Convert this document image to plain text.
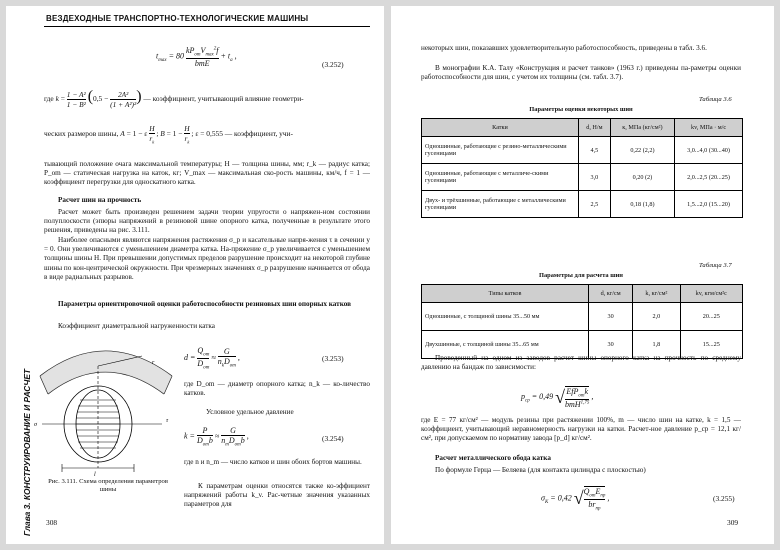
ВЕЗДЕХОДНЫЕ ТРАНСПОРТНО-ТЕХНОЛОГИЧЕСКИЕ МАШИНЫ
$t_{max} = 80$
$kP_{om}V_{max}^2f$
bmE
+ $t_a$ ,
(3.252)
где $k = \frac{\text{1 − A²}}{\text{1 − B²}} (0,5 - \frac{\text{2A²}}{\text{(1 + A²)²}}$ ) — коэффициент, учитывающий влияние геометри-
ческих размеров шины, A = 1 − ε $\frac{H}{r_k}$ ; $B = 1 - \frac{H}{r_k}$ ; ε = 0,555 — коэффициент, учи-
тывающий положение очага максимальной температуры; H — толщина шины, мм; r_k — радиус катка; P_om — статическая нагрузка на каток, кг; V_max — максимальная ско-рость машины, км/ч, f = 1 — коэффициент перегрузки для односкатного катка.
Расчет шин на прочность
Расчет может быть произведен решением задачи теории упругости о напряжен-ном состоянии полуплоскости (эпюры напряжений в резиновой шине опорного катка, полученные в результате этого решения, приведены на рис. 3.111.
Наиболее опасными являются напряжения растяжения σ_p и касательные напря-жения τ в сечении y = 0. Они увеличиваются с уменьшением диаметра катка. На-пряжение σ_p увеличивается с уменьшением толщины шины H. При превышении допустимых пределов разрушение происходит на некоторой глубине шины по кон-центрической окружности. При чрезмерных значениях σ_p разрушение начинается от обода в виде радиальных разрывов.
Параметры ориентировочной оценки работоспособности резиновых шин опорных катков
Коэффициент диаметральной нагруженности катка
r
σ
τ
l
Рис. 3.111. Схема определения параметров шины
d =
$Q_{om}$
$D_{om}$
≈
G
$n_kD_{om}$
,	(3.253)
где D_om — диаметр опорного катка; n_k — ко-личество катков.
Условное удельное давление
k =
P
$D_{om}b$ ≈
G
$n_mD_{om}b$ ,	(3.254)
где n и n_m — число катков и шин обоих бортов машины.
К параметрам оценки относятся также ко-эффициент напряжений работы k_v. Рас-четные значения указанных параметров для
Глава 3. КОНСТРУИРОВАНИЕ И РАСЧЕТ 308
некоторых шин, показавших удовлетворительную работоспособность, приведены в табл. 3.6.
В монографии К.А. Талу «Конструкция и расчет танков» (1963 г.) приведены па-раметры оценки работоспособности для шин, с учетом их толщины (см. табл. 3.7).
Таблица 3.6
Параметры оценки некоторых шин
Катки	d, Н/м	к, МПа (кг/см²)	kv, МПа · м/с
Одношинные, работающие с резино-металлическими гусеницами	4,5	0,22 (2,2)	3,0...4,0 (30...40)
Одношинные, работающие с металличе-скими гусеницами	3,0	0,20 (2)	2,0...2,5 (20...25)
Двух- и трёхшинные, работающие с металлическими гусеницами	2,5	0,18 (1,8)	1,5...2,0 (15...20)
Таблица 3.7
Параметры для расчета шин
Типы катков	d, кг/см	k, кг/см²	kv, кгм/см²с
Одношинные, с толщиной шины 35...50 мм	30	2,0	20...25
Двухшинные, с толщиной шины 35...65 мм	30	1,8	15...25
Проведенный на одном из заводов расчет шины опорного катка на прочность по среднему давлению на бандаж по зависимости:
$p_{cp} = 0,49$ √ EfP$_{om}$k
bmH$^{1,75}$
,
где E = 77 кг/см² — модуль резины при растяжении 100%, m — число шин на катке, k = 1,5 — коэффициент, учитывающий неравномерность нагрузки на катки. Расчет-ное давление p_cp = 12,1 кг/см², при допускаемом по нормативу завода [p_d] кг/см².
Расчет металлического обода катка
По формуле Герца — Беляева (для контакта цилиндра с плоскостью)
$\sigma_K = 0,42$ √ $Q_{om}E_{np}$
$br_{np}$
,	(3.255)
309
